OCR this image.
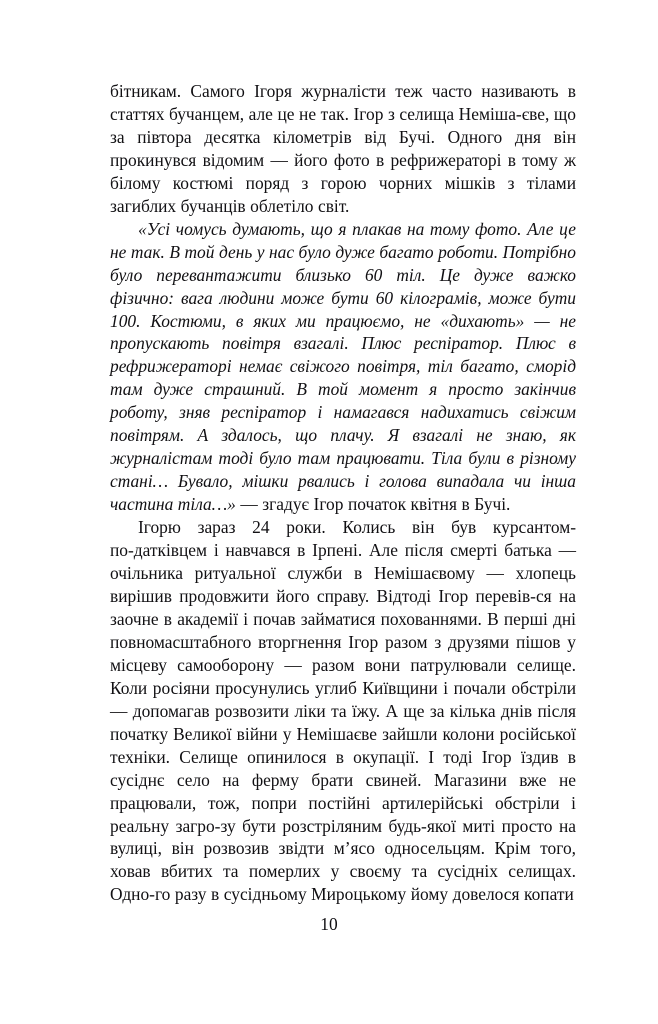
бітникам. Самого Ігоря журналісти теж часто називають в статтях бучанцем, але це не так. Ігор з селища Неміша‑єве, що за півтора десятка кілометрів від Бучі. Одного дня він прокинувся відомим — його фото в рефрижераторі в тому ж білому костюмі поряд з горою чорних мішків з тілами загиблих бучанців облетіло світ.

«Усі чомусь думають, що я плакав на тому фото. Але це не так. В той день у нас було дуже багато роботи. Потрібно було перевантажити близько 60 тіл. Це дуже важко фізично: вага людини може бути 60 кілограмів, може бути 100. Костюми, в яких ми працюємо, не «дихають» — не пропускають повітря взагалі. Плюс респіратор. Плюс в рефрижераторі немає свіжого повітря, тіл багато, сморід там дуже страшний. В той момент я просто закінчив роботу, зняв респіратор і намагався надихатись свіжим повітрям. А здалось, що плачу. Я взагалі не знаю, як журналістам тоді було там працювати. Тіла були в різному стані… Бувало, мішки рвались і голова випадала чи інша частина тіла…» — згадує Ігор початок квітня в Бучі.

Ігорю зараз 24 роки. Колись він був курсантом-по‑датківцем і навчався в Ірпені. Але після смерті батька — очільника ритуальної служби в Немішаєвому — хлопець вирішив продовжити його справу. Відтоді Ігор перевів‑ся на заочне в академії і почав займатися похованнями. В перші дні повномасштабного вторгнення Ігор разом з друзями пішов у місцеву самооборону — разом вони патрулювали селище. Коли росіяни просунулись углиб Київщини і почали обстріли — допомагав розвозити ліки та їжу. А ще за кілька днів після початку Великої війни у Немішаєве зайшли колони російської техніки. Селище опинилося в окупації. І тоді Ігор їздив в сусіднє село на ферму брати свиней. Магазини вже не працювали, тож, попри постійні артилерійські обстріли і реальну загро‑зу бути розстріляним будь-якої миті просто на вулиці, він розвозив звідти м’ясо односельцям. Крім того, ховав вбитих та померлих у своєму та сусідніх селищах. Одно‑го разу в сусідньому Мироцькому йому довелося копати

10
